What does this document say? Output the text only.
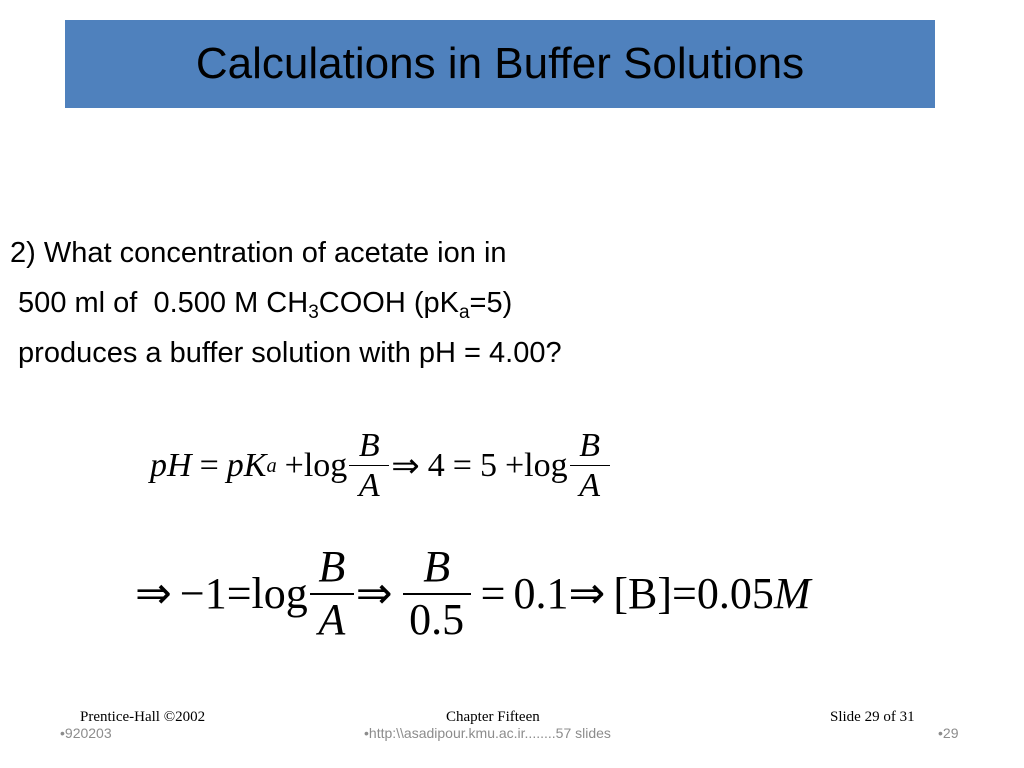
Calculations in Buffer Solutions
2) What concentration of acetate ion in
500 ml of  0.500 M $CH_3COOH$ $(pK_a=5)$
produces a buffer solution with pH = 4.00?
pH = pK $a + \log \frac{B}{A}$ ⇒ $4 = 5 + \log \frac{B}{A}$
⇒ $-1 = \log \frac{B}{A}$ ⇒ $\frac{B}{0.5} = 0.1$ ⇒ [B] = 0.05 M
Prentice-Hall ©2002	Chapter Fifteen	Slide 29 of 31
•920203	•http:\\asadipour.kmu.ac.ir........57 slides	•29
